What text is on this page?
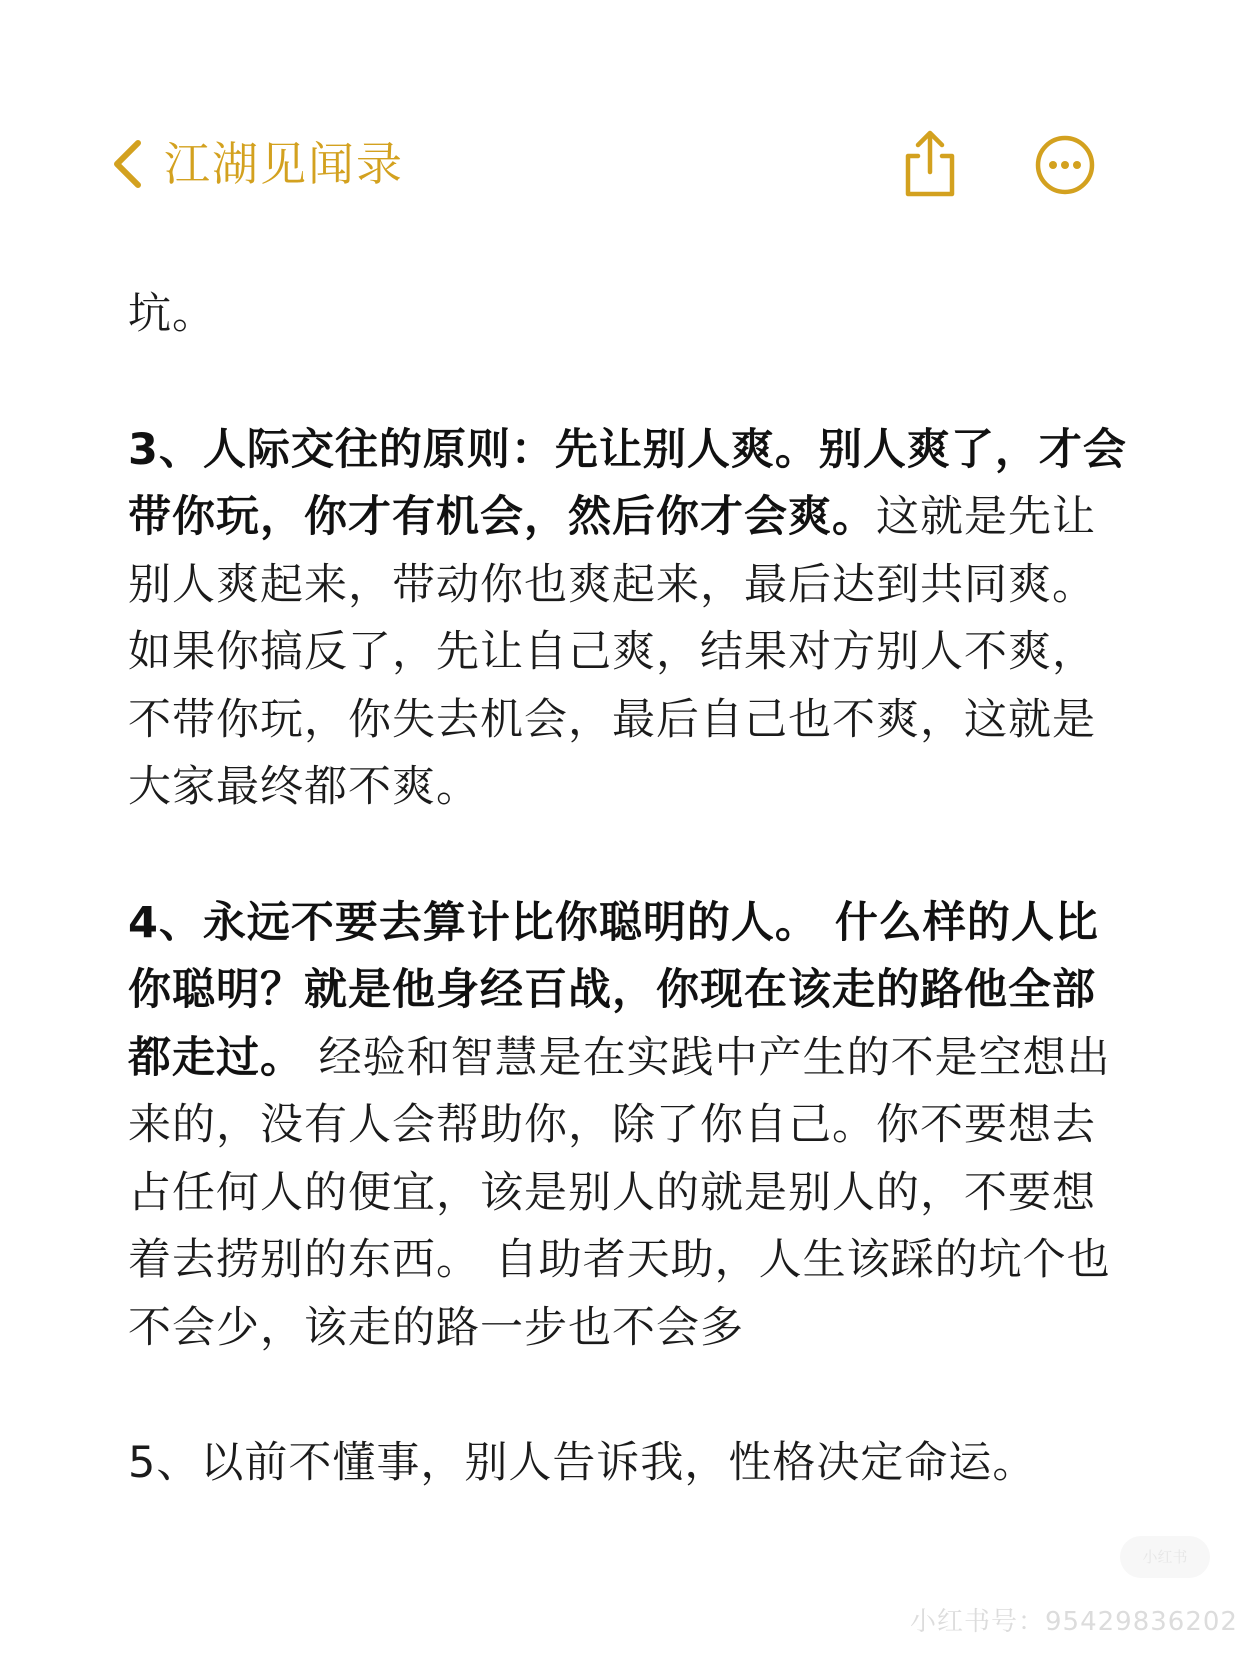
江湖见闻录

坑。

3、人际交往的原则：先让别人爽。别人爽了，才会带你玩，你才有机会，然后你才会爽。这就是先让别人爽起来，带动你也爽起来，最后达到共同爽。如果你搞反了，先让自己爽，结果对方别人不爽，不带你玩，你失去机会，最后自己也不爽，这就是大家最终都不爽。

4、永远不要去算计比你聪明的人。 什么样的人比你聪明？就是他身经百战，你现在该走的路他全部都走过。 经验和智慧是在实践中产生的不是空想出来的，没有人会帮助你，除了你自己。你不要想去占任何人的便宜，该是别人的就是别人的，不要想着去捞别的东西。 自助者天助，人生该踩的坑个也不会少，该走的路一步也不会多

5、以前不懂事，别人告诉我，性格决定命运。

小红书
小红书号：95429836202
